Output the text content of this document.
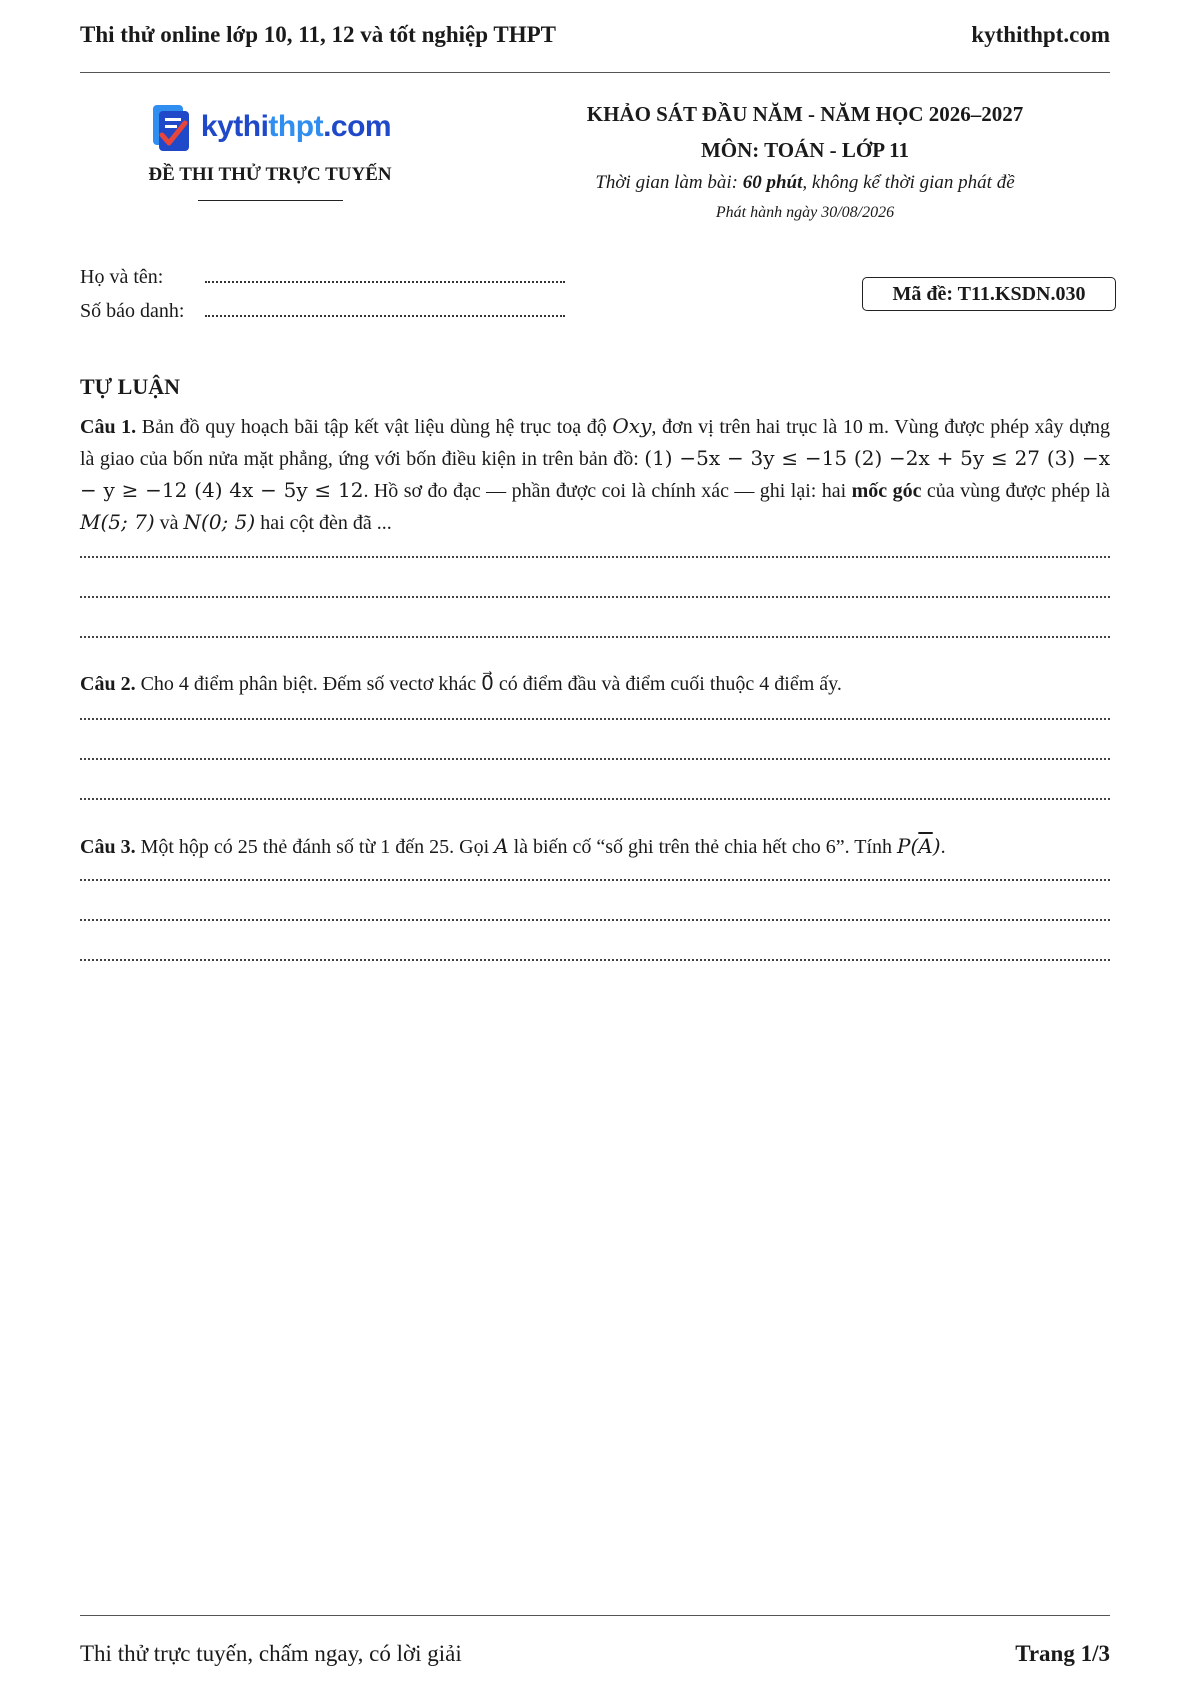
Thi thử online lớp 10, 11, 12 và tốt nghiệp THPT	kythithpt.com
kythithpt.com
ĐỀ THI THỬ TRỰC TUYẾN
KHẢO SÁT ĐẦU NĂM - NĂM HỌC 2026–2027
MÔN: TOÁN - LỚP 11
Thời gian làm bài: 60 phút, không kể thời gian phát đề
Phát hành ngày 30/08/2026
Họ và tên:
Số báo danh:
Mã đề: T11.KSDN.030
TỰ LUẬN
Câu 1. Bản đồ quy hoạch bãi tập kết vật liệu dùng hệ trục toạ độ Oxy, đơn vị trên hai trục là 10 m. Vùng được phép xây dựng là giao của bốn nửa mặt phẳng, ứng với bốn điều kiện in trên bản đồ: (1) −5x − 3y ≤ −15 (2) −2x + 5y ≤ 27 (3) −x − y ≥ −12 (4) 4x − 5y ≤ 12. Hồ sơ đo đạc — phần được coi là chính xác — ghi lại: hai mốc góc của vùng được phép là M(5; 7) và N(0; 5) hai cột đèn đã ...
Câu 2. Cho 4 điểm phân biệt. Đếm số vectơ khác 0⃗ có điểm đầu và điểm cuối thuộc 4 điểm ấy.
Câu 3. Một hộp có 25 thẻ đánh số từ 1 đến 25. Gọi A là biến cố “số ghi trên thẻ chia hết cho 6”. Tính $P(\overline{A})$.
Thi thử trực tuyến, chấm ngay, có lời giải	Trang 1/3
